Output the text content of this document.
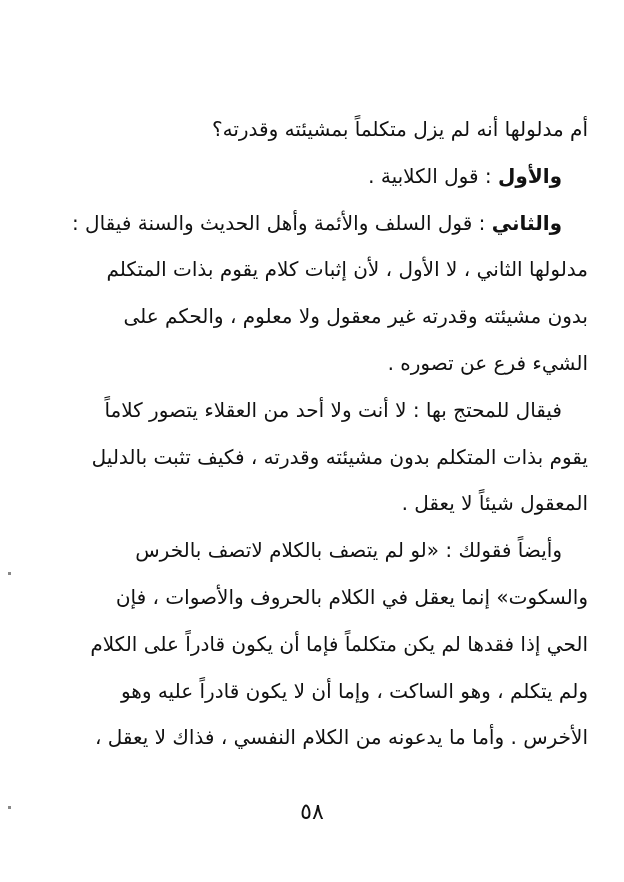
أم مدلولها أنه لم يزل متكلماً بمشيئته وقدرته؟
والأول : قول الكلابية .
والثاني : قول السلف والأئمة وأهل الحديث والسنة فيقال :
مدلولها الثاني ، لا الأول ، لأن إثبات كلام يقوم بذات المتكلم
بدون مشيئته وقدرته غير معقول ولا معلوم ، والحكم على
الشيء فرع عن تصوره .
فيقال للمحتج بها : لا أنت ولا أحد من العقلاء يتصور كلاماً
يقوم بذات المتكلم بدون مشيئته وقدرته ، فكيف تثبت بالدليل
المعقول شيئاً لا يعقل .
وأيضاً فقولك : «لو لم يتصف بالكلام لاتصف بالخرس
والسكوت» إنما يعقل في الكلام بالحروف والأصوات ، فإن
الحي إذا فقدها لم يكن متكلماً فإما أن يكون قادراً على الكلام
ولم يتكلم ، وهو الساكت ، وإما أن لا يكون قادراً عليه وهو
الأخرس . وأما ما يدعونه من الكلام النفسي ، فذاك لا يعقل ،
٥٨
